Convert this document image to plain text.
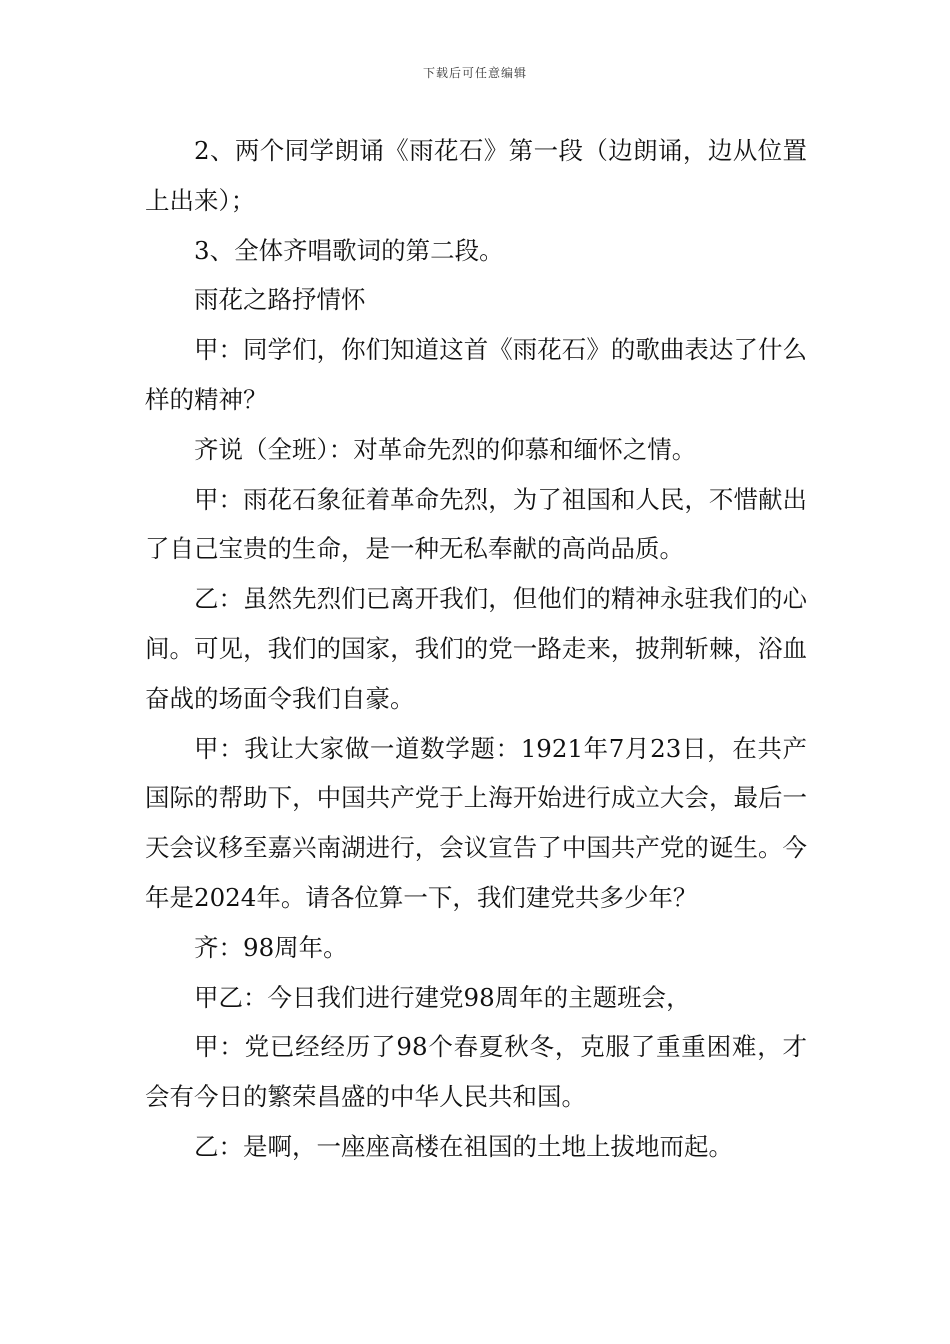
下载后可任意编辑

2、两个同学朗诵《雨花石》第一段（边朗诵，边从位置上出来）；

3、全体齐唱歌词的第二段。

雨花之路抒情怀

甲：同学们，你们知道这首《雨花石》的歌曲表达了什么样的精神？

齐说（全班）：对革命先烈的仰慕和缅怀之情。

甲：雨花石象征着革命先烈，为了祖国和人民，不惜献出了自己宝贵的生命，是一种无私奉献的高尚品质。

乙：虽然先烈们已离开我们，但他们的精神永驻我们的心间。可见，我们的国家，我们的党一路走来，披荆斩棘，浴血奋战的场面令我们自豪。

甲：我让大家做一道数学题：1921年7月23日，在共产国际的帮助下，中国共产党于上海开始进行成立大会，最后一天会议移至嘉兴南湖进行，会议宣告了中国共产党的诞生。今年是2024年。请各位算一下，我们建党共多少年？

齐：98周年。

甲乙：今日我们进行建党98周年的主题班会，

甲：党已经经历了98个春夏秋冬，克服了重重困难，才会有今日的繁荣昌盛的中华人民共和国。

乙：是啊，一座座高楼在祖国的土地上拔地而起。
